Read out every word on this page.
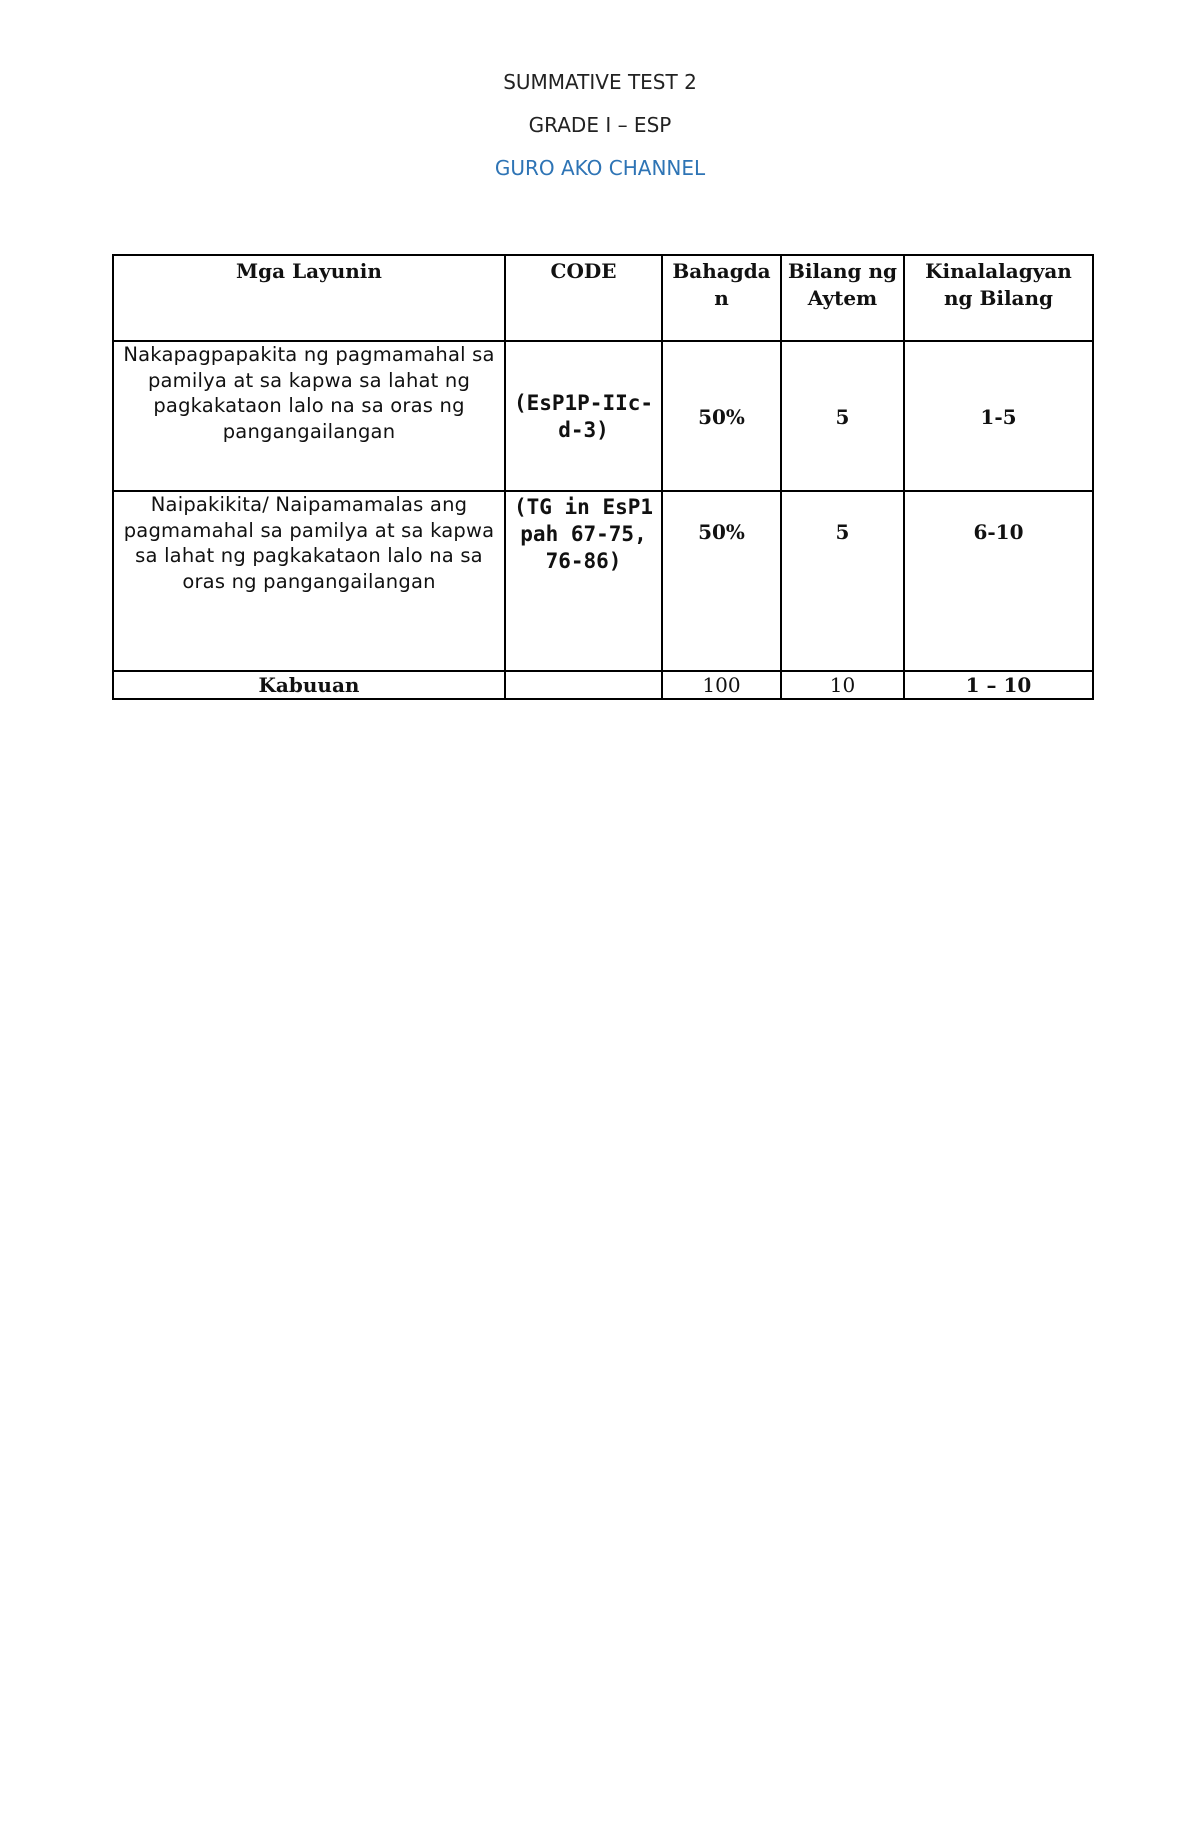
SUMMATIVE TEST 2
GRADE I – ESP
GURO AKO CHANNEL
Mga Layunin	CODE	Bahagdan	Bilang ng Aytem	Kinalalagyan ng Bilang
Nakapagpapakita ng pagmamahal sa pamilya at sa kapwa sa lahat ng pagkakataon lalo na sa oras ng pangangailangan	(EsP1P-IIc-d-3)	50%	5	1-5
Naipakikita/ Naipamamalas ang pagmamahal sa pamilya at sa kapwa sa lahat ng pagkakataon lalo na sa oras ng pangangailangan	(TG in EsP1 pah 67-75, 76-86)	50%	5	6-10
Kabuuan		100	10	1 – 10
